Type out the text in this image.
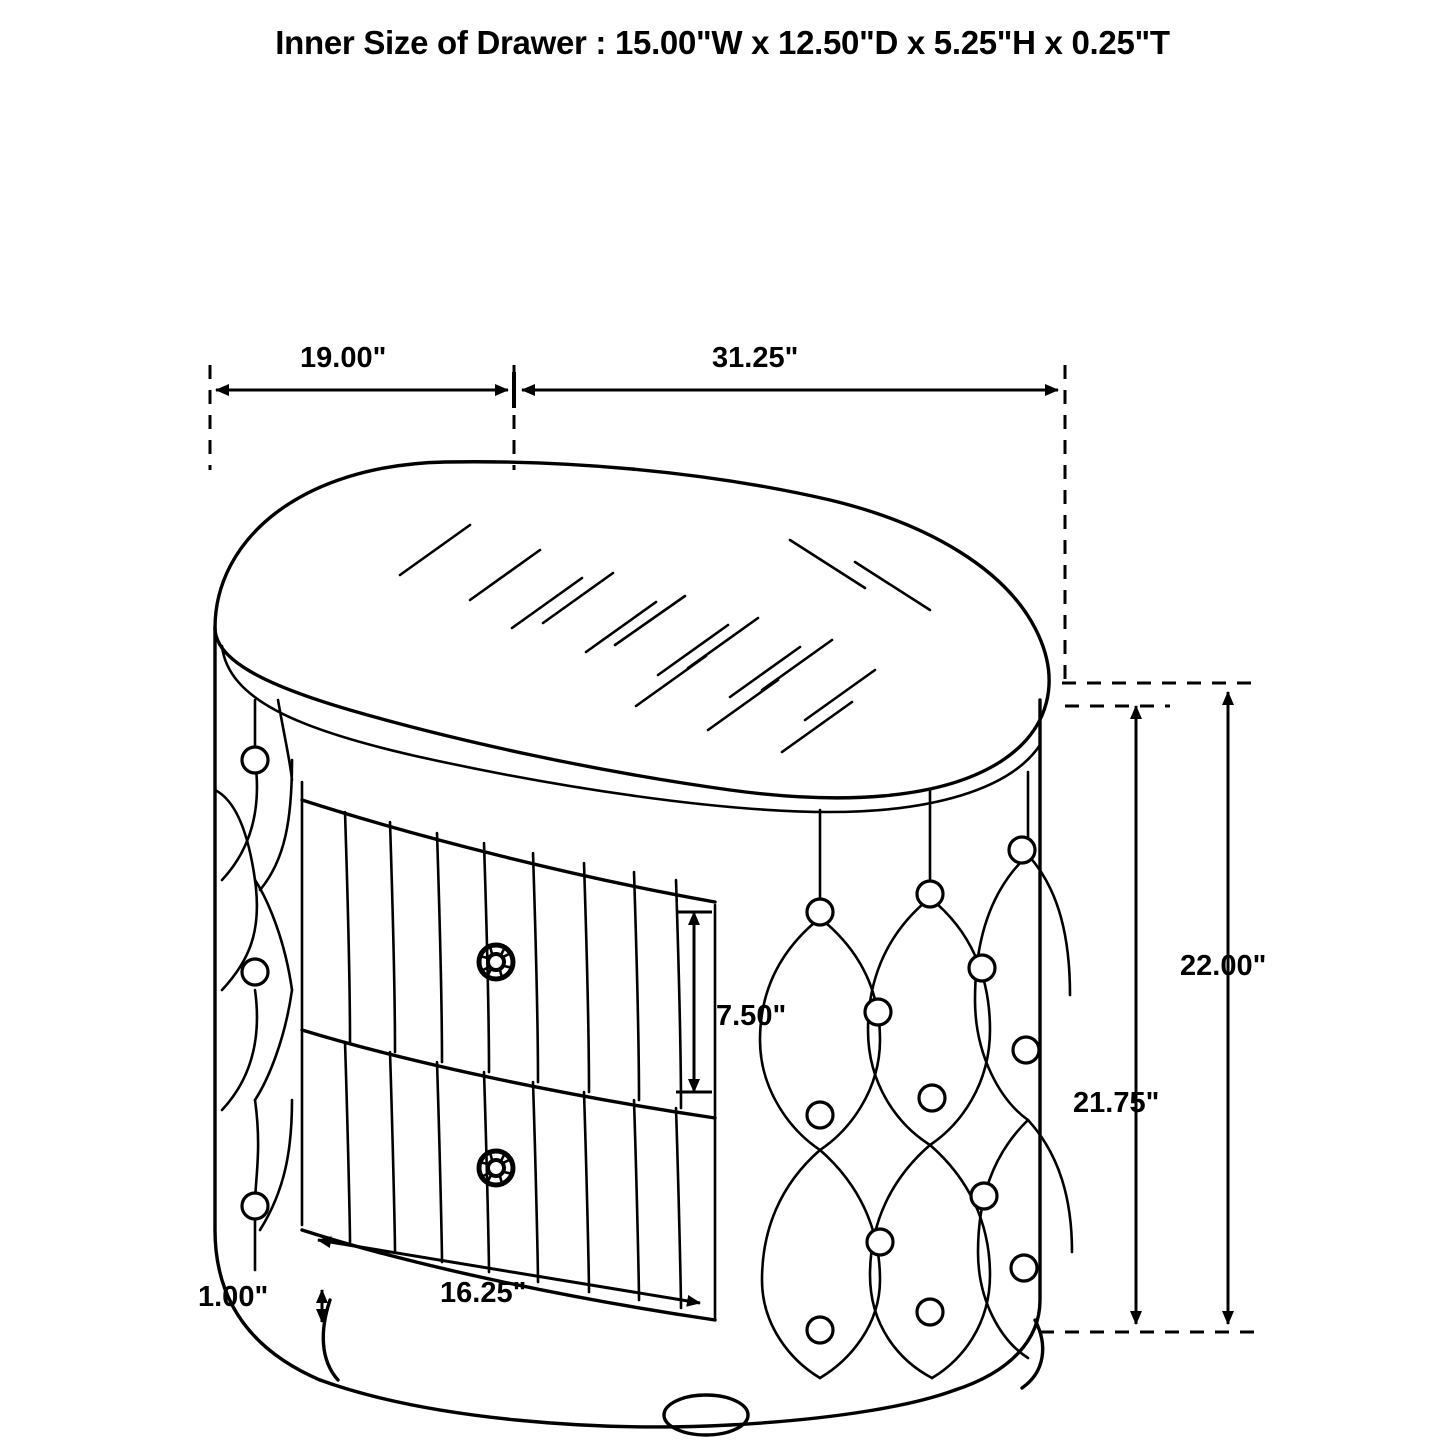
Inner Size of Drawer : 15.00"W x 12.50"D x 5.25"H x 0.25"T
19.00"	31.25"
22.00"
21.75"
7.50"
16.25"
1.00"
